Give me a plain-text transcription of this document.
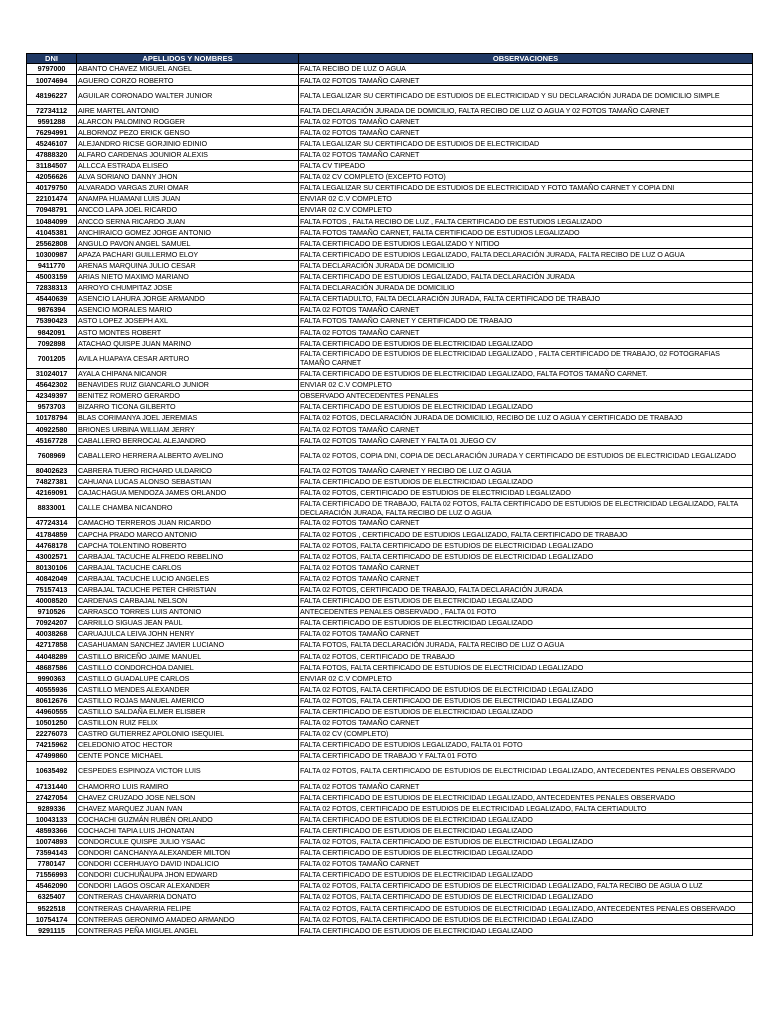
DNI	APELLIDOS Y NOMBRES	OBSERVACIONES
9797000	ABANTO CHAVEZ MIGUEL ANGEL	FALTA RECIBO DE LUZ O AGUA
10074694	AGUERO CORZO ROBERTO	FALTA 02 FOTOS TAMAÑO CARNET
48196227	AGUILAR CORONADO WALTER JUNIOR	FALTA LEGALIZAR SU CERTIFICADO DE ESTUDIOS DE ELECTRICIDAD Y SU DECLARACIÓN JURADA DE DOMICILIO SIMPLE
72734112	AIRE MARTEL ANTONIO	FALTA DECLARACIÓN JURADA DE DOMICILIO, FALTA RECIBO DE LUZ O AGUA Y 02 FOTOS TAMAÑO CARNET
9591288	ALARCON PALOMINO ROGGER	FALTA 02 FOTOS TAMAÑO CARNET
76294991	ALBORNOZ PEZO ERICK GENSO	FALTA 02 FOTOS TAMAÑO CARNET
45246107	ALEJANDRO RICSE GORJINIO EDINIO	FALTA LEGALIZAR SU CERTIFICADO DE ESTUDIOS DE ELECTRICIDAD
47888320	ALFARO CARDENAS JOUNIOR ALEXIS	FALTA 02 FOTOS TAMAÑO CARNET
31184507	ALLCCA ESTRADA ELISEO	FALTA CV TIPEADO
42056626	ALVA SORIANO DANNY JHON	FALTA 02 CV COMPLETO (EXCEPTO FOTO)
40179750	ALVARADO VARGAS ZURI OMAR	FALTA LEGALIZAR SU CERTIFICADO DE ESTUDIOS DE ELECTRICIDAD Y FOTO TAMAÑO CARNET Y COPIA DNI
22101474	ANAMPA HUAMANI LUIS JUAN	ENVIAR 02 C.V COMPLETO
70948791	ANCCO LAPA JOEL RICARDO	ENVIAR 02 C.V COMPLETO
10484099	ANCCO SERNA RICARDO JUAN	FALTA FOTOS , FALTA RECIBO DE LUZ , FALTA CERTIFICADO DE ESTUDIOS LEGALIZADO
41045381	ANCHIRAICO GOMEZ JORGE ANTONIO	FALTA FOTOS TAMAÑO CARNET, FALTA CERTIFICADO DE ESTUDIOS LEGALIZADO
25562808	ANGULO PAVON ANGEL SAMUEL	FALTA CERTIFICADO DE ESTUDIOS LEGALIZADO Y NITIDO
10300987	APAZA PACHARI GUILLERMO ELOY	FALTA CERTIFICADO DE ESTUDIOS LEGALIZADO, FALTA DECLARACIÓN JURADA, FALTA RECIBO DE LUZ O AGUA
9411770	ARENAS MARQUINA JULIO CESAR	FALTA DECLARACIÓN JURADA DE DOMICILIO
45003159	ARIAS NIETO MAXIMO MARIANO	FALTA CERTIFICADO DE ESTUDIOS LEGALIZADO, FALTA DECLARACIÓN JURADA
72838313	ARROYO CHUMPITAZ JOSE	FALTA DECLARACIÓN JURADA DE DOMICILIO
45440639	ASENCIO LAHURA JORGE ARMANDO	FALTA CERTIADULTO, FALTA DECLARACIÓN JURADA, FALTA CERTIFICADO DE TRABAJO
9876394	ASENCIO MORALES MARIO	FALTA 02 FOTOS TAMAÑO CARNET
75390423	ASTO LOPEZ JOSEPH AXL	FALTA FOTOS TAMAÑO CARNET Y CERTIFICADO DE TRABAJO
9842091	ASTO MONTES ROBERT	FALTA 02 FOTOS TAMAÑO CARNET
7092898	ATACHAO QUISPE JUAN MARINO	FALTA CERTIFICADO DE ESTUDIOS DE ELECTRICIDAD LEGALIZADO
7001205	AVILA HUAPAYA CESAR ARTURO	FALTA CERTIFICADO DE ESTUDIOS DE ELECTRICIDAD LEGALIZADO , FALTA CERTIFICADO DE TRABAJO, 02 FOTOGRAFIAS TAMAÑO CARNET
31024017	AYALA CHIPANA NICANOR	FALTA CERTIFICADO DE ESTUDIOS DE ELECTRICIDAD LEGALIZADO, FALTA FOTOS TAMAÑO CARNET.
45642302	BENAVIDES RUIZ GIANCARLO JUNIOR	ENVIAR 02 C.V COMPLETO
42349397	BENITEZ ROMERO GERARDO	OBSERVADO ANTECEDENTES PENALES
9573703	BIZARRO TICONA GILBERTO	FALTA CERTIFICADO DE ESTUDIOS DE ELECTRICIDAD LEGALIZADO
10178794	BLAS CORIMANYA JOEL JEREMIAS	FALTA 02 FOTOS, DECLARACIÓN JURADA DE DOMICILIO, RECIBO DE LUZ O AGUA Y CERTIFICADO DE TRABAJO
40922580	BRIONES URBINA WILLIAM JERRY	FALTA 02 FOTOS TAMAÑO CARNET
45167728	CABALLERO BERROCAL ALEJANDRO	FALTA 02 FOTOS TAMAÑO CARNET Y FALTA 01 JUEGO CV
7608969	CABALLERO HERRERA ALBERTO AVELINO	FALTA 02 FOTOS, COPIA DNI, COPIA DE DECLARACIÓN JURADA Y CERTIFICADO DE ESTUDIOS DE ELECTRICIDAD LEGALIZADO
80402623	CABRERA TUERO RICHARD ULDARICO	FALTA 02 FOTOS TAMAÑO CARNET Y RECIBO DE LUZ O AGUA
74827381	CAHUANA LUCAS ALONSO SEBASTIAN	FALTA CERTIFICADO DE ESTUDIOS DE ELECTRICIDAD LEGALIZADO
42169091	CAJACHAGUA MENDOZA JAMES ORLANDO	FALTA 02 FOTOS, CERTIFICADO DE ESTUDIOS DE ELECTRICIDAD LEGALIZADO
8833001	CALLE CHAMBA NICANDRO	FALTA CERTIFICADO DE TRABAJO, FALTA 02 FOTOS, FALTA CERTIFICADO DE ESTUDIOS DE ELECTRICIDAD LEGALIZADO, FALTA DECLARACIÓN JURADA, FALTA RECIBO DE LUZ O AGUA
47724314	CAMACHO TERREROS JUAN RICARDO	FALTA 02 FOTOS TAMAÑO CARNET
41784859	CAPCHA PRADO MARCO ANTONIO	FALTA 02 FOTOS , CERTIFICADO DE ESTUDIOS LEGALIZADO, FALTA CERTIFICADO DE TRABAJO
44768178	CAPCHA TOLENTINO ROBERTO	FALTA 02 FOTOS, FALTA CERTIFICADO DE ESTUDIOS DE ELECTRICIDAD LEGALIZADO
43002571	CARBAJAL TACUCHE ALFREDO REBELINO	FALTA 02 FOTOS, FALTA CERTIFICADO DE ESTUDIOS DE ELECTRICIDAD LEGALIZADO
80130106	CARBAJAL TACUCHE CARLOS	FALTA 02 FOTOS TAMAÑO CARNET
40842049	CARBAJAL TACUCHE LUCIO ANGELES	FALTA 02 FOTOS TAMAÑO CARNET
75157413	CARBAJAL TACUCHE PETER CHRISTIAN	FALTA 02 FOTOS, CERTIFICADO DE TRABAJO, FALTA DECLARACIÓN JURADA
40008520	CARDENAS CARBAJAL NELSON	FALTA CERTIFICADO DE ESTUDIOS DE ELECTRICIDAD LEGALIZADO
9710526	CARRASCO TORRES LUIS ANTONIO	ANTECEDENTES PENALES OBSERVADO , FALTA 01 FOTO
70924207	CARRILLO SIGUAS JEAN PAUL	FALTA CERTIFICADO DE ESTUDIOS DE ELECTRICIDAD LEGALIZADO
40038268	CARUAJULCA LEIVA JOHN HENRY	FALTA 02 FOTOS TAMAÑO CARNET
42717858	CASAHUAMAN SANCHEZ JAVIER LUCIANO	FALTA FOTOS, FALTA DECLARACIÓN JURADA, FALTA RECIBO DE LUZ O AGUA
44048289	CASTILLO BRICEÑO JAIME MANUEL	FALTA 02 FOTOS, CERTIFICADO DE TRABAJO
48687586	CASTILLO CONDORCHOA DANIEL	FALTA FOTOS, FALTA CERTIFICADO DE ESTUDIOS DE ELECTRICIDAD LEGALIZADO
9990363	CASTILLO GUADALUPE CARLOS	ENVIAR 02 C.V COMPLETO
40555936	CASTILLO MENDES ALEXANDER	FALTA 02 FOTOS, FALTA CERTIFICADO DE ESTUDIOS DE ELECTRICIDAD LEGALIZADO
80612676	CASTILLO ROJAS MANUEL AMERICO	FALTA 02 FOTOS, FALTA CERTIFICADO DE ESTUDIOS DE ELECTRICIDAD LEGALIZADO
44960555	CASTILLO SALDAÑA ELMER ELISBER	FALTA CERTIFICADO DE ESTUDIOS DE ELECTRICIDAD LEGALIZADO
10501250	CASTILLON RUIZ FELIX	FALTA 02 FOTOS TAMAÑO CARNET
22276073	CASTRO GUTIERREZ APOLONIO ISEQUIEL	FALTA 02 CV (COMPLETO)
74215962	CELEDONIO ATOC HECTOR	FALTA CERTIFICADO DE ESTUDIOS LEGALIZADO, FALTA 01 FOTO
47499860	CENTE PONCE MICHAEL	FALTA CERTIFICADO DE TRABAJO Y FALTA 01 FOTO
10635492	CESPEDES ESPINOZA VICTOR LUIS	FALTA 02 FOTOS, FALTA CERTIFICADO DE ESTUDIOS DE ELECTRICIDAD LEGALIZADO, ANTECEDENTES PENALES OBSERVADO
47131440	CHAMORRO LUIS RAMIRO	FALTA 02 FOTOS TAMAÑO CARNET
27427054	CHAVEZ CRUZADO JOSE NELSON	FALTA CERTIFICADO DE ESTUDIOS DE ELECTRICIDAD LEGALIZADO, ANTECEDENTES PENALES OBSERVADO
9289336	CHAVEZ MARQUEZ JUAN IVAN	FALTA 02 FOTOS, CERTIFICADO DE ESTUDIOS DE ELECTRICIDAD LEGALIZADO, FALTA CERTIADULTO
10043133	COCHACHI GUZMÁN RUBÉN ORLANDO	FALTA CERTIFICADO DE ESTUDIOS DE ELECTRICIDAD LEGALIZADO
48593366	COCHACHI TAPIA LUIS JHONATAN	FALTA CERTIFICADO DE ESTUDIOS DE ELECTRICIDAD LEGALIZADO
10074893	CONDORCULE QUISPE JULIO YSAAC	FALTA 02 FOTOS, FALTA CERTIFICADO DE ESTUDIOS DE ELECTRICIDAD LEGALIZADO
73594143	CONDORI CANCHANYA ALEXANDER MILTON	FALTA CERTIFICADO DE ESTUDIOS DE ELECTRICIDAD LEGALIZADO
7780147	CONDORI CCERHUAYO DAVID INDALICIO	FALTA 02 FOTOS TAMAÑO CARNET
71556993	CONDORI CUCHUÑAUPA JHON EDWARD	FALTA CERTIFICADO DE ESTUDIOS DE ELECTRICIDAD LEGALIZADO
45462090	CONDORI LAGOS OSCAR ALEXANDER	FALTA 02 FOTOS, FALTA CERTIFICADO DE ESTUDIOS DE ELECTRICIDAD LEGALIZADO, FALTA RECIBO DE AGUA O LUZ
6325407	CONTRERAS CHAVARRIA DONATO	FALTA 02 FOTOS, FALTA CERTIFICADO DE ESTUDIOS DE ELECTRICIDAD LEGALIZADO
9522518	CONTRERAS CHAVARRIA FELIPE	FALTA 02 FOTOS, FALTA CERTIFICADO DE ESTUDIOS DE ELECTRICIDAD LEGALIZADO, ANTECEDENTES PENALES OBSERVADO
10754174	CONTRERAS GERONIMO AMADEO ARMANDO	FALTA 02 FOTOS, FALTA CERTIFICADO DE ESTUDIOS DE ELECTRICIDAD LEGALIZADO
9291115	CONTRERAS PEÑA MIGUEL ANGEL	FALTA CERTIFICADO DE ESTUDIOS DE ELECTRICIDAD LEGALIZADO
